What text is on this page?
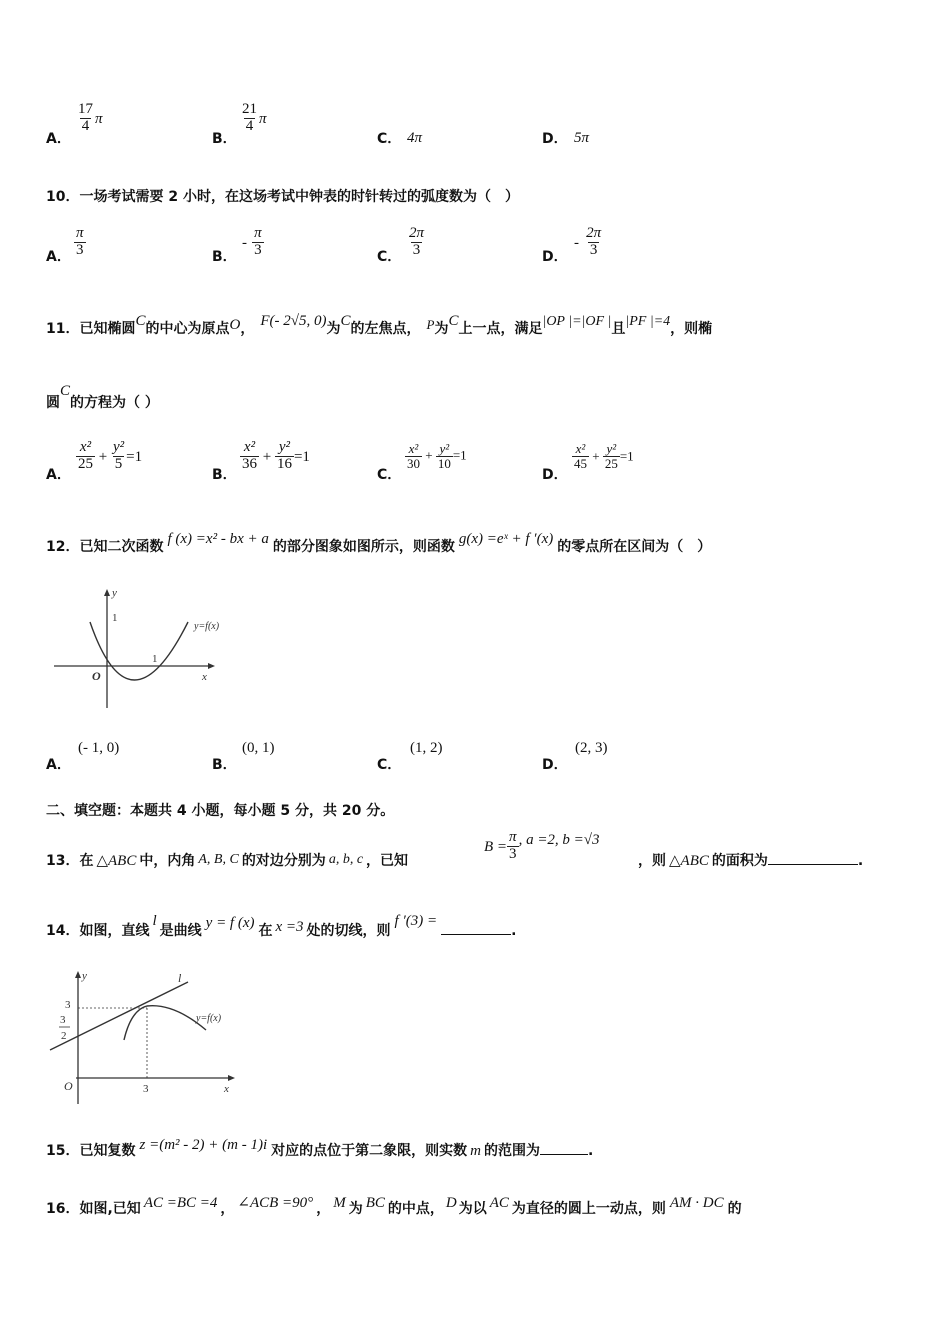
A．
$\frac{17}{4}$ π
B．
$\frac{21}{4}$ π
C． 4π	D． 5π
10．一场考试需要 2 小时，在这场考试中钟表的时针转过的弧度数为（　）
A． $\frac{\pi}{3}$	B．
- $\frac{\pi}{3}$	C． $\frac{2\pi}{3}$	D．
- $\frac{2\pi}{3}$
11．已知椭圆C的中心为原点O， F(- 2√5, 0)为C的左焦点， P为C上一点，满足|OP |=|OF |且|PF |=4，则椭
圆C的方程为（ ）
A．
$\frac{\text{x²}}{25} + \frac{\text{y²}}{5} =1$
B．
$\frac{\text{x²}}{36} + \frac{\text{y²}}{16} =1$
C．
$\frac{\text{x²}}{30} + \frac{\text{y²}}{10} =1$
D．
$\frac{\text{x²}}{45} + \frac{\text{y²}}{25} =1$
12．已知二次函数 f (x) =x² - bx + a 的部分图象如图所示，则函数 g(x) =eˣ + f ′(x) 的零点所在区间为（　）
y
1
1
O	x
y=f(x)
A．
(- 1, 0)
B．
(0, 1)
C．
(1, 2)
D．
(2, 3)
二、填空题：本题共 4 小题，每小题 5 分，共 20 分。
13．在 △ABC 中，内角 A, B, C 的对边分别为 a, b, c ，已知
$B = \frac{\pi}{3}$ , a =2, b =√3
，则 △ABC 的面积为	.
14．如图，直线l是曲线 y = f (x) 在 x =3 处的切线，则f ′(3) =.
y	l
3
3
2
O	3	x
y=f(x)
15．已知复数 z =(m² - 2) + (m - 1)i 对应的点位于第二象限，则实数 m 的范围为	.
16．如图,已知 AC =BC =4 ， ∠ACB =90° ， M 为 BC 的中点， D 为以 AC 为直径的圆上一动点，则 AM · DC 的
